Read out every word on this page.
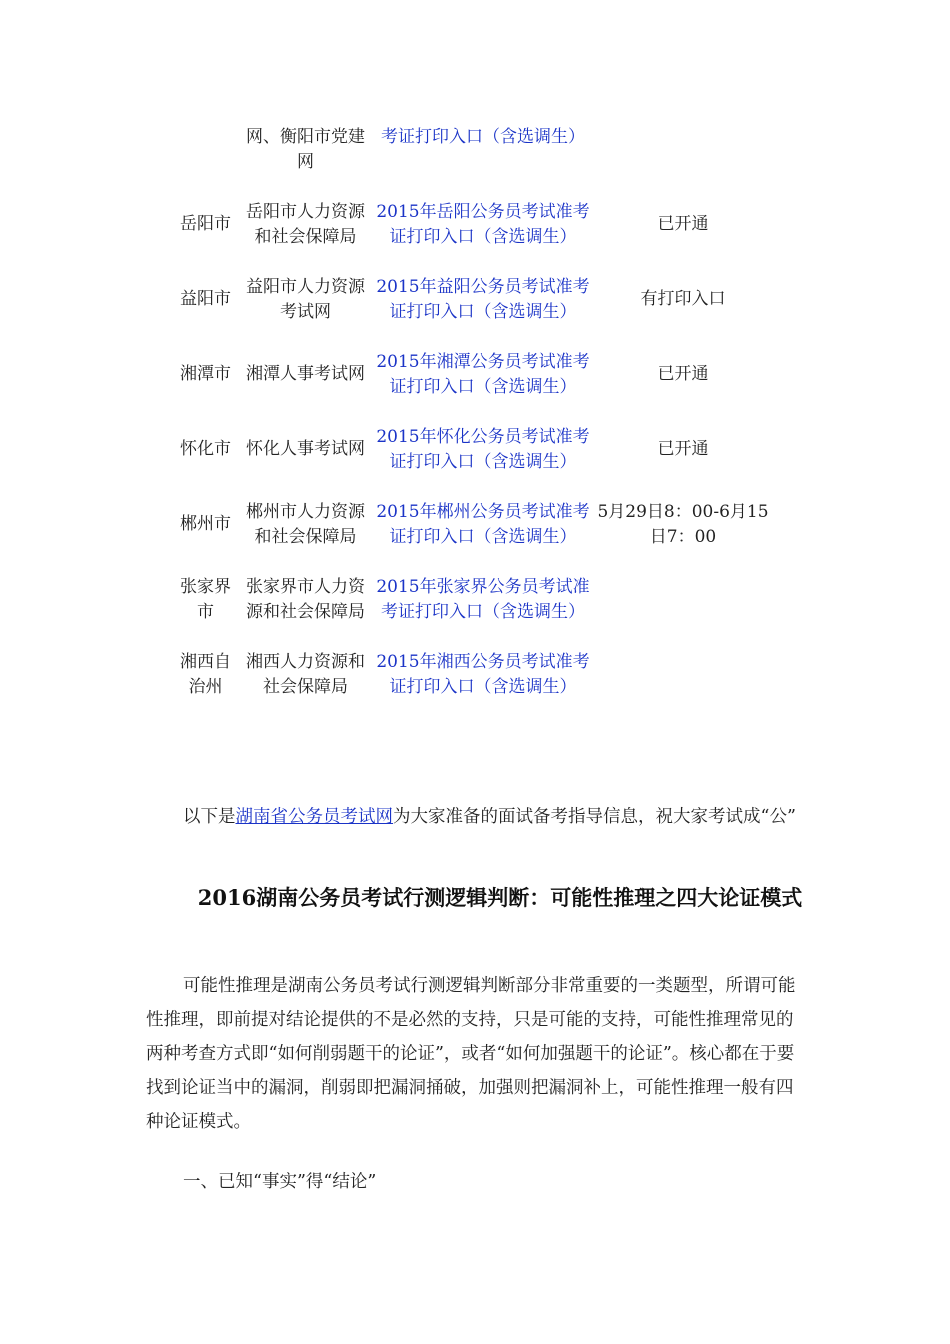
	网、衡阳市党建网	考证打印入口（含选调生）	
岳阳市	岳阳市人力资源和社会保障局	2015年岳阳公务员考试准考证打印入口（含选调生）	已开通
益阳市	益阳市人力资源考试网	2015年益阳公务员考试准考证打印入口（含选调生）	有打印入口
湘潭市	湘潭人事考试网	2015年湘潭公务员考试准考证打印入口（含选调生）	已开通
怀化市	怀化人事考试网	2015年怀化公务员考试准考证打印入口（含选调生）	已开通
郴州市	郴州市人力资源和社会保障局	2015年郴州公务员考试准考证打印入口（含选调生）	5月29日8：00-6月15日7：00
张家界市	张家界市人力资源和社会保障局	2015年张家界公务员考试准考证打印入口（含选调生）	
湘西自治州	湘西人力资源和社会保障局	2015年湘西公务员考试准考证打印入口（含选调生）	

以下是湖南省公务员考试网为大家准备的面试备考指导信息，祝大家考试成“公”

2016湖南公务员考试行测逻辑判断：可能性推理之四大论证模式

可能性推理是湖南公务员考试行测逻辑判断部分非常重要的一类题型，所谓可能性推理，即前提对结论提供的不是必然的支持，只是可能的支持，可能性推理常见的两种考查方式即“如何削弱题干的论证”，或者“如何加强题干的论证”。核心都在于要找到论证当中的漏洞，削弱即把漏洞捅破，加强则把漏洞补上，可能性推理一般有四种论证模式。

一、已知“事实”得“结论”
